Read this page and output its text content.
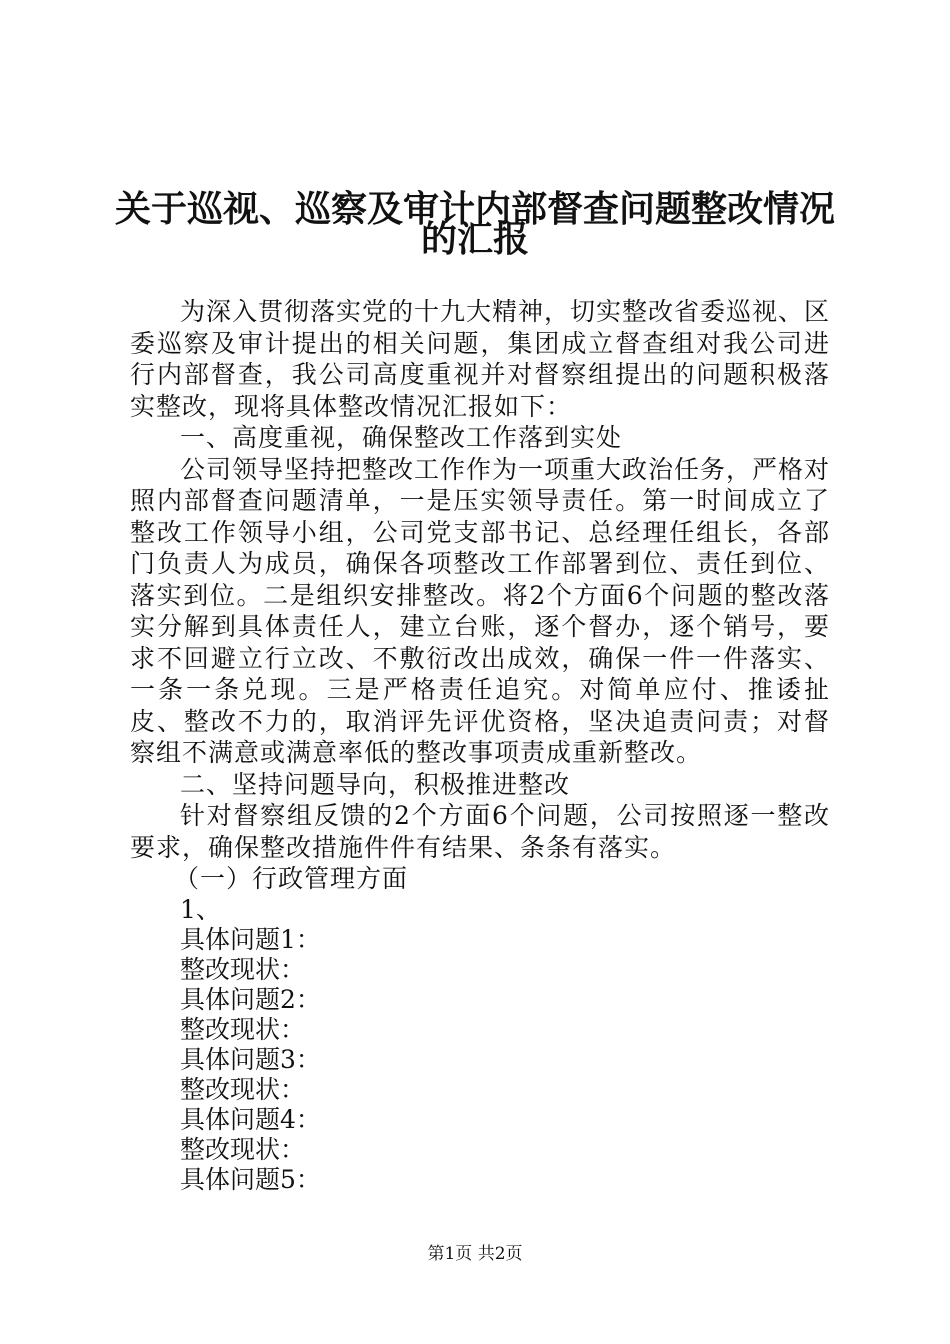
关于巡视、巡察及审计内部督查问题整改情况
的汇报

为深入贯彻落实党的十九大精神，切实整改省委巡视、区委巡察及审计提出的相关问题，集团成立督查组对我公司进行内部督查，我公司高度重视并对督察组提出的问题积极落实整改，现将具体整改情况汇报如下：

一、高度重视，确保整改工作落到实处

公司领导坚持把整改工作作为一项重大政治任务，严格对照内部督查问题清单，一是压实领导责任。第一时间成立了整改工作领导小组，公司党支部书记、总经理任组长，各部门负责人为成员，确保各项整改工作部署到位、责任到位、落实到位。二是组织安排整改。将2个方面6个问题的整改落实分解到具体责任人，建立台账，逐个督办，逐个销号，要求不回避立行立改、不敷衍改出成效，确保一件一件落实、一条一条兑现。三是严格责任追究。对简单应付、推诿扯皮、整改不力的，取消评先评优资格，坚决追责问责；对督察组不满意或满意率低的整改事项责成重新整改。

二、坚持问题导向，积极推进整改

针对督察组反馈的2个方面6个问题，公司按照逐一整改要求，确保整改措施件件有结果、条条有落实。

（一）行政管理方面

1、

具体问题1：

整改现状：

具体问题2：

整改现状：

具体问题3：

整改现状：

具体问题4：

整改现状：

具体问题5：

第1页 共2页
